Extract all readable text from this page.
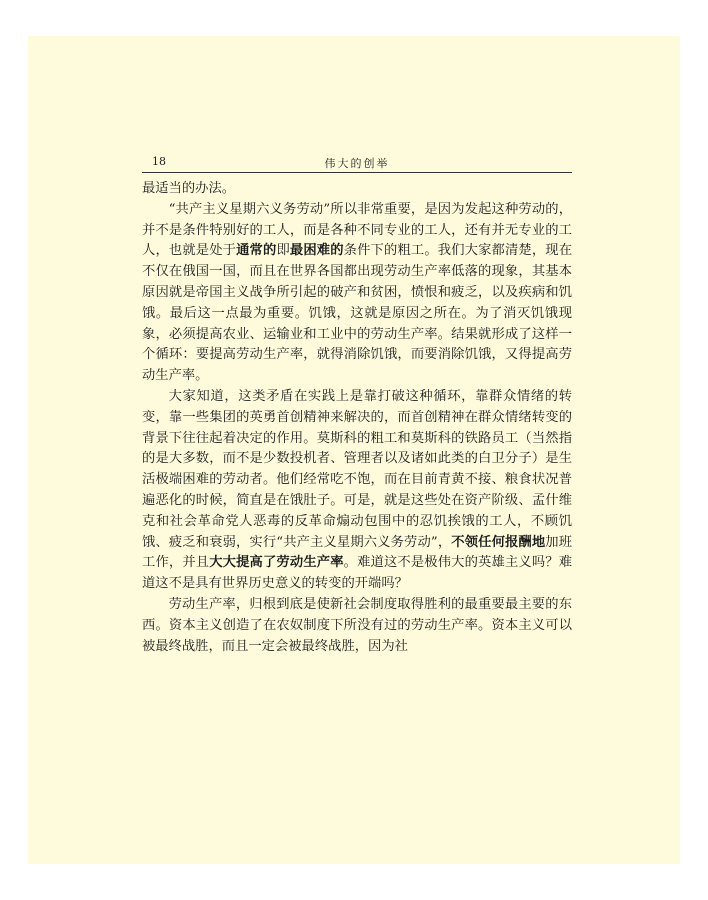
18	伟大的创举

最适当的办法。

“共产主义星期六义务劳动”所以非常重要，是因为发起这种劳动的，并不是条件特别好的工人，而是各种不同专业的工人，还有并无专业的工人，也就是处于通常的即最困难的条件下的粗工。我们大家都清楚，现在不仅在俄国一国，而且在世界各国都出现劳动生产率低落的现象，其基本原因就是帝国主义战争所引起的破产和贫困，愤恨和疲乏，以及疾病和饥饿。最后这一点最为重要。饥饿，这就是原因之所在。为了消灭饥饿现象，必须提高农业、运输业和工业中的劳动生产率。结果就形成了这样一个循环：要提高劳动生产率，就得消除饥饿，而要消除饥饿，又得提高劳动生产率。

大家知道，这类矛盾在实践上是靠打破这种循环，靠群众情绪的转变，靠一些集团的英勇首创精神来解决的，而首创精神在群众情绪转变的背景下往往起着决定的作用。莫斯科的粗工和莫斯科的铁路员工（当然指的是大多数，而不是少数投机者、管理者以及诸如此类的白卫分子）是生活极端困难的劳动者。他们经常吃不饱，而在目前青黄不接、粮食状况普遍恶化的时候，简直是在饿肚子。可是，就是这些处在资产阶级、孟什维克和社会革命党人恶毒的反革命煽动包围中的忍饥挨饿的工人，不顾饥饿、疲乏和衰弱，实行“共产主义星期六义务劳动”，不领任何报酬地加班工作，并且大大提高了劳动生产率。难道这不是极伟大的英雄主义吗？难道这不是具有世界历史意义的转变的开端吗？

劳动生产率，归根到底是使新社会制度取得胜利的最重要最主要的东西。资本主义创造了在农奴制度下所没有过的劳动生产率。资本主义可以被最终战胜，而且一定会被最终战胜，因为社
